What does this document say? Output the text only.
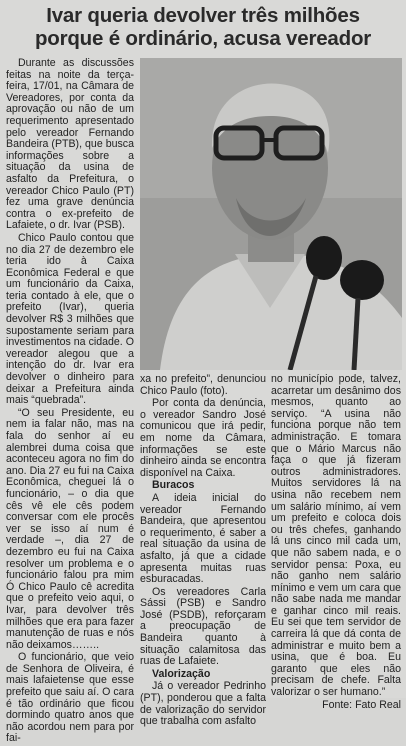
Ivar queria devolver três milhões
porque é ordinário, acusa vereador

Durante as discussões feitas na noite da terça-feira, 17/01, na Câmara de Vereadores, por conta da aprovação ou não de um requerimento apresentado pelo vereador Fernando Bandeira (PTB), que busca informações sobre a situação da usina de asfalto da Prefeitura, o vereador Chico Paulo (PT) fez uma grave denúncia contra o ex-prefeito de Lafaiete, o dr. Ivar (PSB).

Chico Paulo contou que no dia 27 de dezembro ele teria ido à Caixa Econômica Federal e que um funcionário da Caixa, teria contado à ele, que o prefeito (Ivar), queria devolver R$ 3 milhões que supostamente seriam para investimentos na cidade. O vereador alegou que a intenção do dr. Ivar era devolver o dinheiro para deixar a Prefeitura ainda mais “quebrada”.

“O seu Presidente, eu nem ia falar não, mas na fala do senhor aí eu alembrei duma coisa que aconteceu agora no fim do ano. Dia 27 eu fui na Caixa Econômica, cheguei lá o funcionário, – o dia que cês vê ele cês podem conversar com ele procês ver se isso aí num é verdade –, dia 27 de dezembro eu fui na Caixa resolver um problema e o funcionário falou pra mim Ó Chico Paulo cê acredita que o prefeito veio aqui, o Ivar, para devolver três milhões que era para fazer manutenção de ruas e nós não deixamos……..

O funcionário, que veio de Senhora de Oliveira, é mais lafaietense que esse prefeito que saiu aí. O cara é tão ordinário que ficou dormindo quatro anos que não acordou nem para por fai-

xa no prefeito”, denunciou Chico Paulo (foto).

Por conta da denúncia, o vereador Sandro José comunicou que irá pedir, em nome da Câmara, informações se este dinheiro ainda se encontra disponível na Caixa.

Buracos

A ideia inicial do vereador Fernando Bandeira, que apresentou o requerimento, é saber a real situação da usina de asfalto, já que a cidade apresenta muitas ruas esburacadas.

Os vereadores Carla Sássi (PSB) e Sandro José (PSDB), reforçaram a preocupação de Bandeira quanto à situação calamitosa das ruas de Lafaiete.

Valorização

Já o vereador Pedrinho (PT), ponderou que a falta de valorização do servidor que trabalha com asfalto

no município pode, talvez, acarretar um desânimo dos mesmos, quanto ao serviço. “A usina não funciona porque não tem administração. E tomara que o Mário Marcus não faça o que já fizeram outros administradores. Muitos servidores lá na usina não recebem nem um salário mínimo, aí vem um prefeito e coloca dois ou três chefes, ganhando lá uns cinco mil cada um, que não sabem nada, e o servidor pensa: Poxa, eu não ganho nem salário mínimo e vem um cara que não sabe nada me mandar e ganhar cinco mil reais. Eu sei que tem servidor de carreira lá que dá conta de administrar e muito bem a usina, que é boa. Eu garanto que eles não precisam de chefe. Falta valorizar o ser humano.”

Fonte: Fato Real
